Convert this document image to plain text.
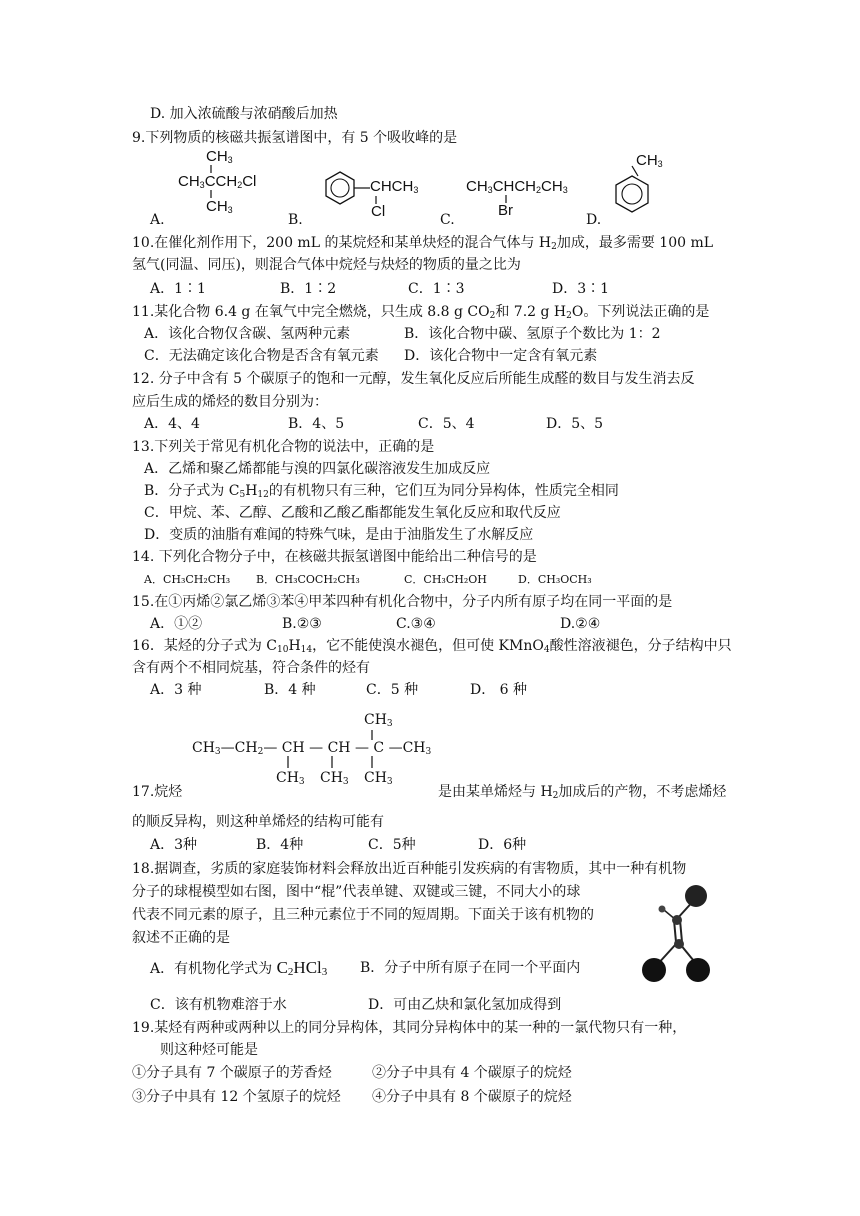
D. 加入浓硫酸与浓硝酸后加热
9.下列物质的核磁共振氢谱图中，有 5 个吸收峰的是
$CH_3$
$CH_3CCH_2Cl$
$CH_3$
A.
$CHCH_3$
Cl
B.
$CH_3CHCH_2CH_3$
Br
C.
$CH_3$
D.
10.在催化剂作用下，200 mL 的某烷烃和某单炔烃的混合气体与 $H_2$加成，最多需要 100 mL
氢气(同温、同压)，则混合气体中烷烃与炔烃的物质的量之比为
A．1∶1	B．1∶2	C．1∶3	D．3∶1
11.某化合物 6.4 g 在氧气中完全燃烧，只生成 8.8 g $CO_2$和 7.2 g $H_2O$。下列说法正确的是
A．该化合物仅含碳、氢两种元素	B．该化合物中碳、氢原子个数比为 1：2
C．无法确定该化合物是否含有氧元素 D．该化合物中一定含有氧元素
12. 分子中含有 5 个碳原子的饱和一元醇，发生氧化反应后所能生成醛的数目与发生消去反
应后生成的烯烃的数目分别为：
A．4、4	B．4、5	C．5、4	D．5、5
13.下列关于常见有机化合物的说法中，正确的是
A．乙烯和聚乙烯都能与溴的四氯化碳溶液发生加成反应
B．分子式为 $C_5H_{12}$的有机物只有三种，它们互为同分异构体，性质完全相同
C．甲烷、苯、乙醇、乙酸和乙酸乙酯都能发生氧化反应和取代反应
D．变质的油脂有难闻的特殊气味，是由于油脂发生了水解反应
14. 下列化合物分子中，在核磁共振氢谱图中能给出二种信号的是
A．CH₃CH₂CH₃ B．CH₃COCH₂CH₃	C．CH₃CH₂OH	D．CH₃OCH₃
15.在①丙烯②氯乙烯③苯④甲苯四种有机化合物中，分子内所有原子均在同一平面的是
A．①②	B.②③	C.③④	D.②④
16．某烃的分子式为 $C_{10}H_{14}$，它不能使溴水褪色，但可使 KMnO$_4$酸性溶液褪色，分子结构中只
含有两个不相同烷基，符合条件的烃有
A．3 种	B．4 种	C．5 种	D． 6 种
$CH_3$
$CH_3—CH_2—$ CH — CH — C $—CH_3$
$CH_3$ $CH_3$ $CH_3$
17.烷烃	是由某单烯烃与 $H_2$加成后的产物，不考虑烯烃
的顺反异构，则这种单烯烃的结构可能有
A．3种	B．4种	C．5种	D．6种
18.据调查，劣质的家庭装饰材料会释放出近百种能引发疾病的有害物质，其中一种有机物
分子的球棍模型如右图，图中“棍”代表单键、双键或三键，不同大小的球
代表不同元素的原子，且三种元素位于不同的短周期。下面关于该有机物的
叙述不正确的是
A．有机物化学式为 $C_2HCl_3$ B．分子中所有原子在同一个平面内
C．该有机物难溶于水	D．可由乙炔和氯化氢加成得到
19.某烃有两种或两种以上的同分异构体，其同分异构体中的某一种的一氯代物只有一种，
则这种烃可能是
①分子具有 7 个碳原子的芳香烃	②分子中具有 4 个碳原子的烷烃
③分子中具有 12 个氢原子的烷烃 ④分子中具有 8 个碳原子的烷烃
